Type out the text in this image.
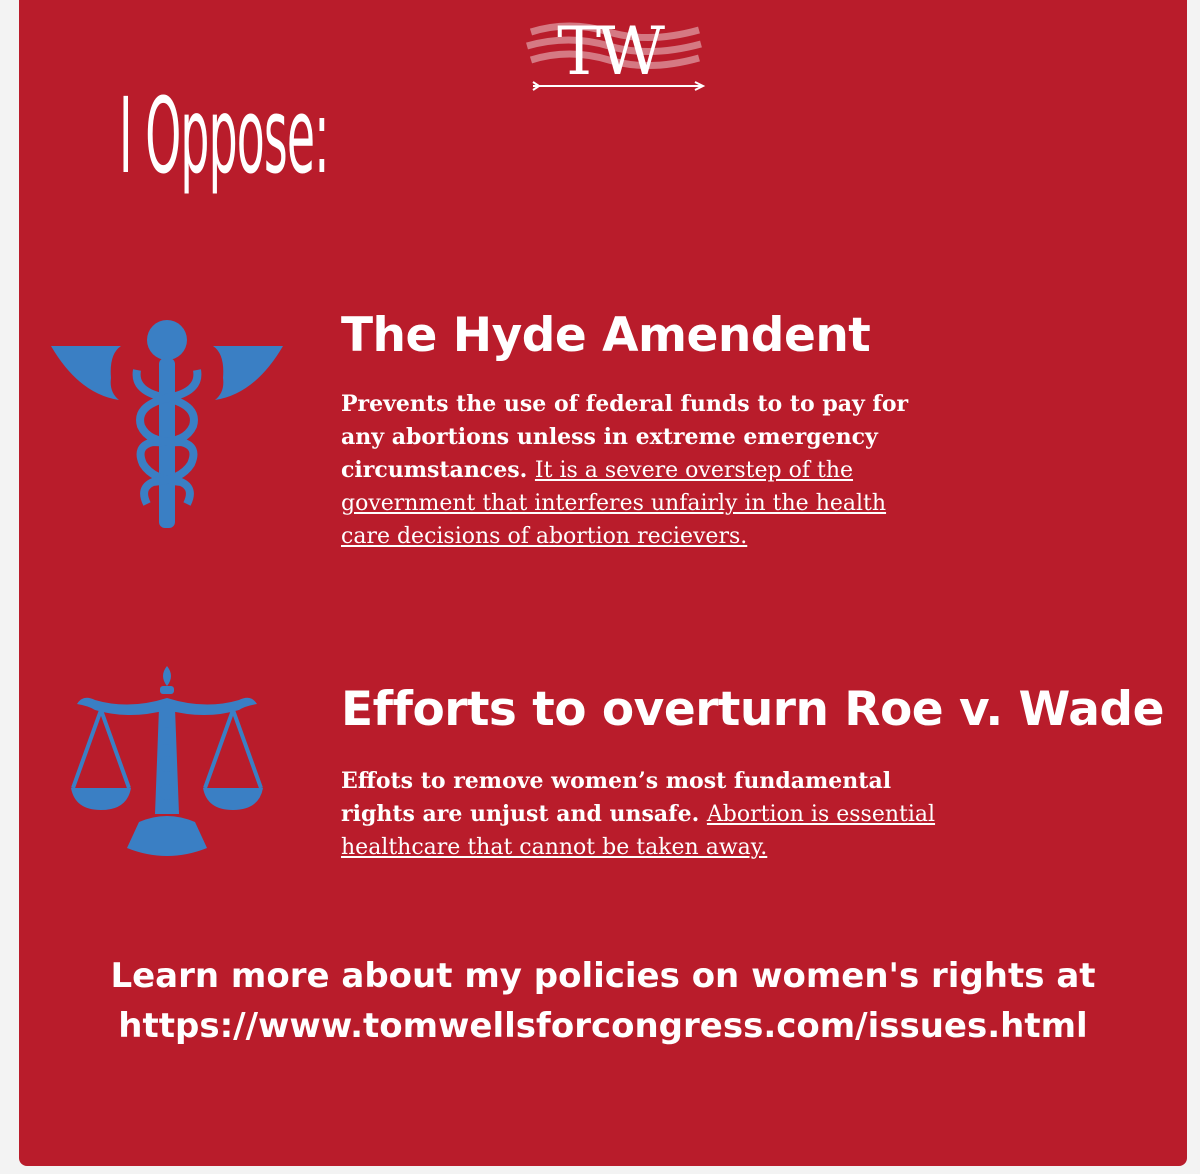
TW
I Oppose:
The Hyde Amendent
Prevents the use of federal funds to to pay for any abortions unless in extreme emergency circumstances. It is a severe overstep of the government that interferes unfairly in the health care decisions of abortion recievers.
Efforts to overturn Roe v. Wade
Effots to remove women’s most fundamental rights are unjust and unsafe. Abortion is essential healthcare that cannot be taken away.
Learn more about my policies on women's rights at
https://www.tomwellsforcongress.com/issues.html
